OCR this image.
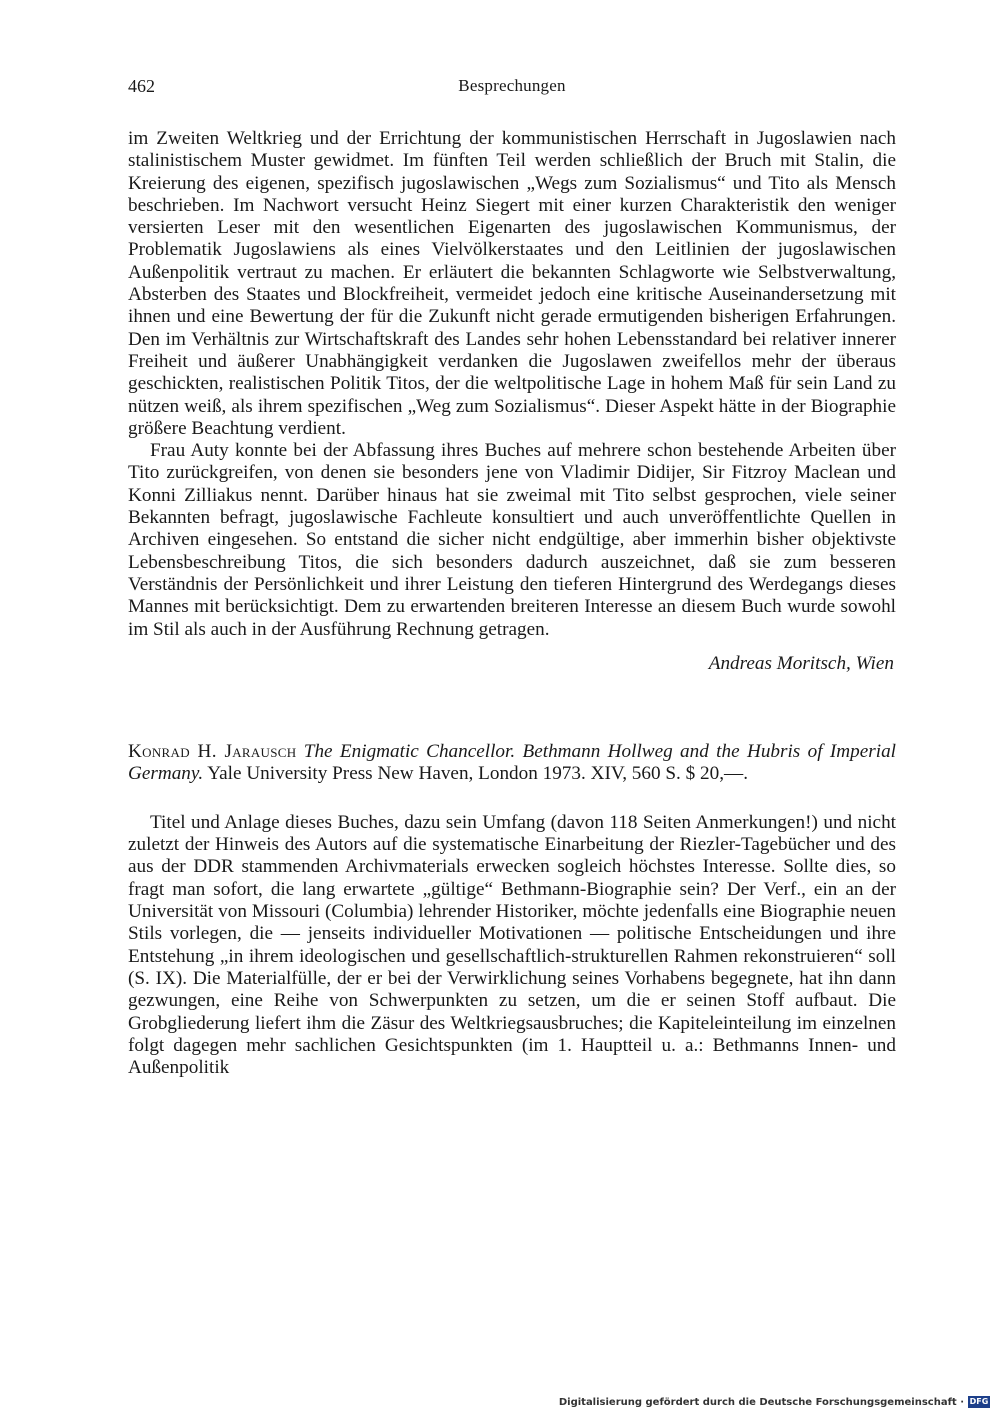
462	Besprechungen

im Zweiten Weltkrieg und der Errichtung der kommunistischen Herrschaft in Jugoslawien nach stalinistischem Muster gewidmet. Im fünften Teil werden schließlich der Bruch mit Stalin, die Kreierung des eigenen, spezifisch jugoslawischen „Wegs zum Sozialismus“ und Tito als Mensch beschrieben. Im Nachwort versucht Heinz Siegert mit einer kurzen Charakteristik den weniger versierten Leser mit den wesentlichen Eigenarten des jugoslawischen Kommunismus, der Problematik Jugoslawiens als eines Vielvölkerstaates und den Leitlinien der jugoslawischen Außenpolitik vertraut zu machen. Er erläutert die bekannten Schlagworte wie Selbstverwaltung, Absterben des Staates und Blockfreiheit, vermeidet jedoch eine kritische Auseinandersetzung mit ihnen und eine Bewertung der für die Zukunft nicht gerade ermutigenden bisherigen Erfahrungen. Den im Verhältnis zur Wirtschaftskraft des Landes sehr hohen Lebensstandard bei relativer innerer Freiheit und äußerer Unabhängigkeit verdanken die Jugoslawen zweifellos mehr der überaus geschickten, realistischen Politik Titos, der die weltpolitische Lage in hohem Maß für sein Land zu nützen weiß, als ihrem spezifischen „Weg zum Sozialismus“. Dieser Aspekt hätte in der Biographie größere Beachtung verdient.

Frau Auty konnte bei der Abfassung ihres Buches auf mehrere schon bestehende Arbeiten über Tito zurückgreifen, von denen sie besonders jene von Vladimir Didijer, Sir Fitzroy Maclean und Konni Zilliakus nennt. Darüber hinaus hat sie zweimal mit Tito selbst gesprochen, viele seiner Bekannten befragt, jugoslawische Fachleute konsultiert und auch unveröffentlichte Quellen in Archiven eingesehen. So entstand die sicher nicht endgültige, aber immerhin bisher objektivste Lebensbeschreibung Titos, die sich besonders dadurch auszeichnet, daß sie zum besseren Verständnis der Persönlichkeit und ihrer Leistung den tieferen Hintergrund des Werdegangs dieses Mannes mit berücksichtigt. Dem zu erwartenden breiteren Interesse an diesem Buch wurde sowohl im Stil als auch in der Ausführung Rechnung getragen.

Andreas Moritsch, Wien
Konrad H. Jarausch The Enigmatic Chancellor. Bethmann Hollweg and the Hubris of Imperial Germany. Yale University Press New Haven, London 1973. XIV, 560 S. $ 20,—.

Titel und Anlage dieses Buches, dazu sein Umfang (davon 118 Seiten Anmerkungen!) und nicht zuletzt der Hinweis des Autors auf die systematische Einarbeitung der Riezler-Tagebücher und des aus der DDR stammenden Archivmaterials erwecken sogleich höchstes Interesse. Sollte dies, so fragt man sofort, die lang erwartete „gültige“ Bethmann-Biographie sein? Der Verf., ein an der Universität von Missouri (Columbia) lehrender Historiker, möchte jedenfalls eine Biographie neuen Stils vorlegen, die — jenseits individueller Motivationen — politische Entscheidungen und ihre Entstehung „in ihrem ideologischen und gesellschaftlich-strukturellen Rahmen rekonstruieren“ soll (S. IX). Die Materialfülle, der er bei der Verwirklichung seines Vorhabens begegnete, hat ihn dann gezwungen, eine Reihe von Schwerpunkten zu setzen, um die er seinen Stoff aufbaut. Die Grobgliederung liefert ihm die Zäsur des Weltkriegsausbruches; die Kapiteleinteilung im einzelnen folgt dagegen mehr sachlichen Gesichtspunkten (im 1. Hauptteil u. a.: Bethmanns Innen- und Außenpolitik

Digitalisierung gefördert durch die Deutsche Forschungsgemeinschaft · DFG
